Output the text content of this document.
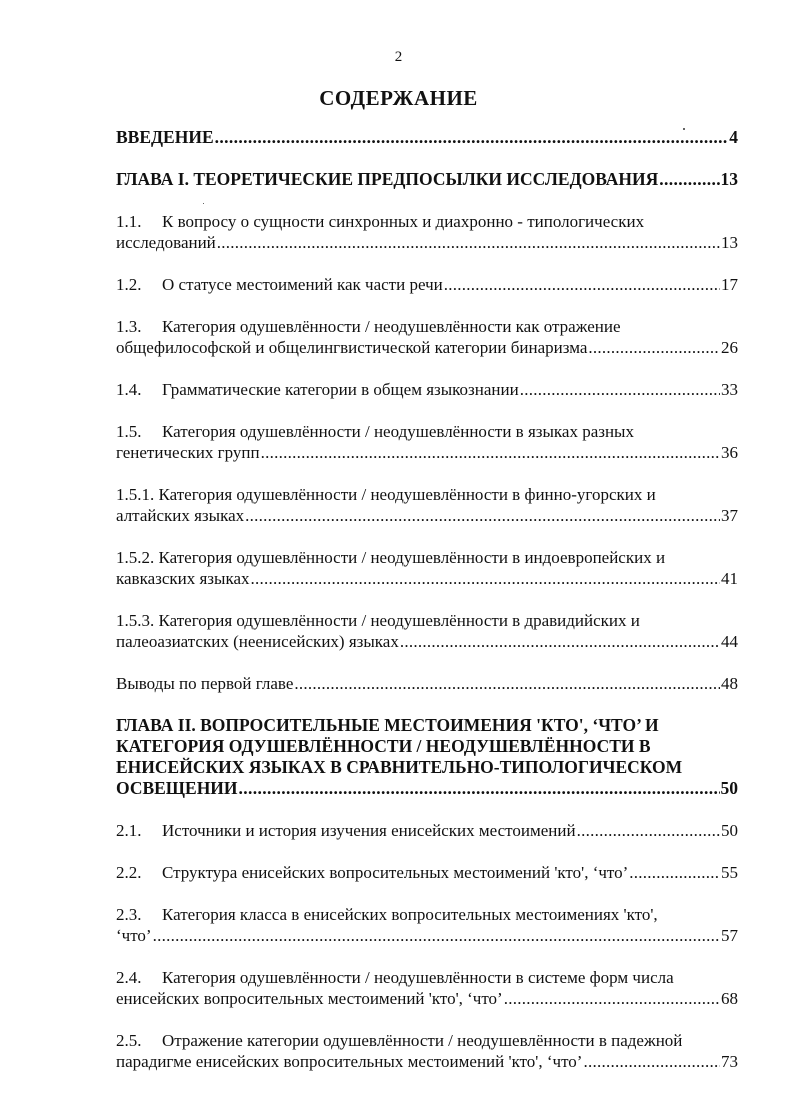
2
СОДЕРЖАНИЕ
ВВЕДЕНИЕ . . .	4
ГЛАВА I. ТЕОРЕТИЧЕСКИЕ ПРЕДПОСЫЛКИ ИССЛЕДОВАНИЯ . . .	13
1.1.	К вопросу о сущности синхронных и диахронно - типологических
исследований . . .	13
1.2.	О статусе местоимений как части речи . . .	17
1.3.	Категория одушевлённости / неодушевлённости как отражение
общефилософской и общелингвистической категории бинаризма . . .	26
1.4.	Грамматические категории в общем языкознании . . .	33
1.5.	Категория одушевлённости / неодушевлённости в языках разных
генетических групп . . .	36
1.5.1. Категория одушевлённости / неодушевлённости в финно-угорских и
алтайских языках . . .	37
1.5.2. Категория одушевлённости / неодушевлённости в индоевропейских и
кавказских языках . . .	41
1.5.3. Категория одушевлённости / неодушевлённости в дравидийских и
палеоазиатских (неенисейских) языках . . .	44
Выводы по первой главе . . .	48
ГЛАВА II. ВОПРОСИТЕЛЬНЫЕ МЕСТОИМЕНИЯ 'КТО', ‘ЧТО’ И
КАТЕГОРИЯ ОДУШЕВЛЁННОСТИ / НЕОДУШЕВЛЁННОСТИ В
ЕНИСЕЙСКИХ ЯЗЫКАХ В СРАВНИТЕЛЬНО-ТИПОЛОГИЧЕСКОМ
ОСВЕЩЕНИИ . . .	50
2.1.	Источники и история изучения енисейских местоимений . . .	50
2.2.	Структура енисейских вопросительных местоимений 'кто', ‘что’ . . .	55
2.3.	Категория класса в енисейских вопросительных местоимениях 'кто',
‘что’ . . .	57
2.4.	Категория одушевлённости / неодушевлённости в системе форм числа
енисейских вопросительных местоимений 'кто', ‘что’ . . .	68
2.5.	Отражение категории одушевлённости / неодушевлённости в падежной
парадигме енисейских вопросительных местоимений 'кто', ‘что’ . . .	73
